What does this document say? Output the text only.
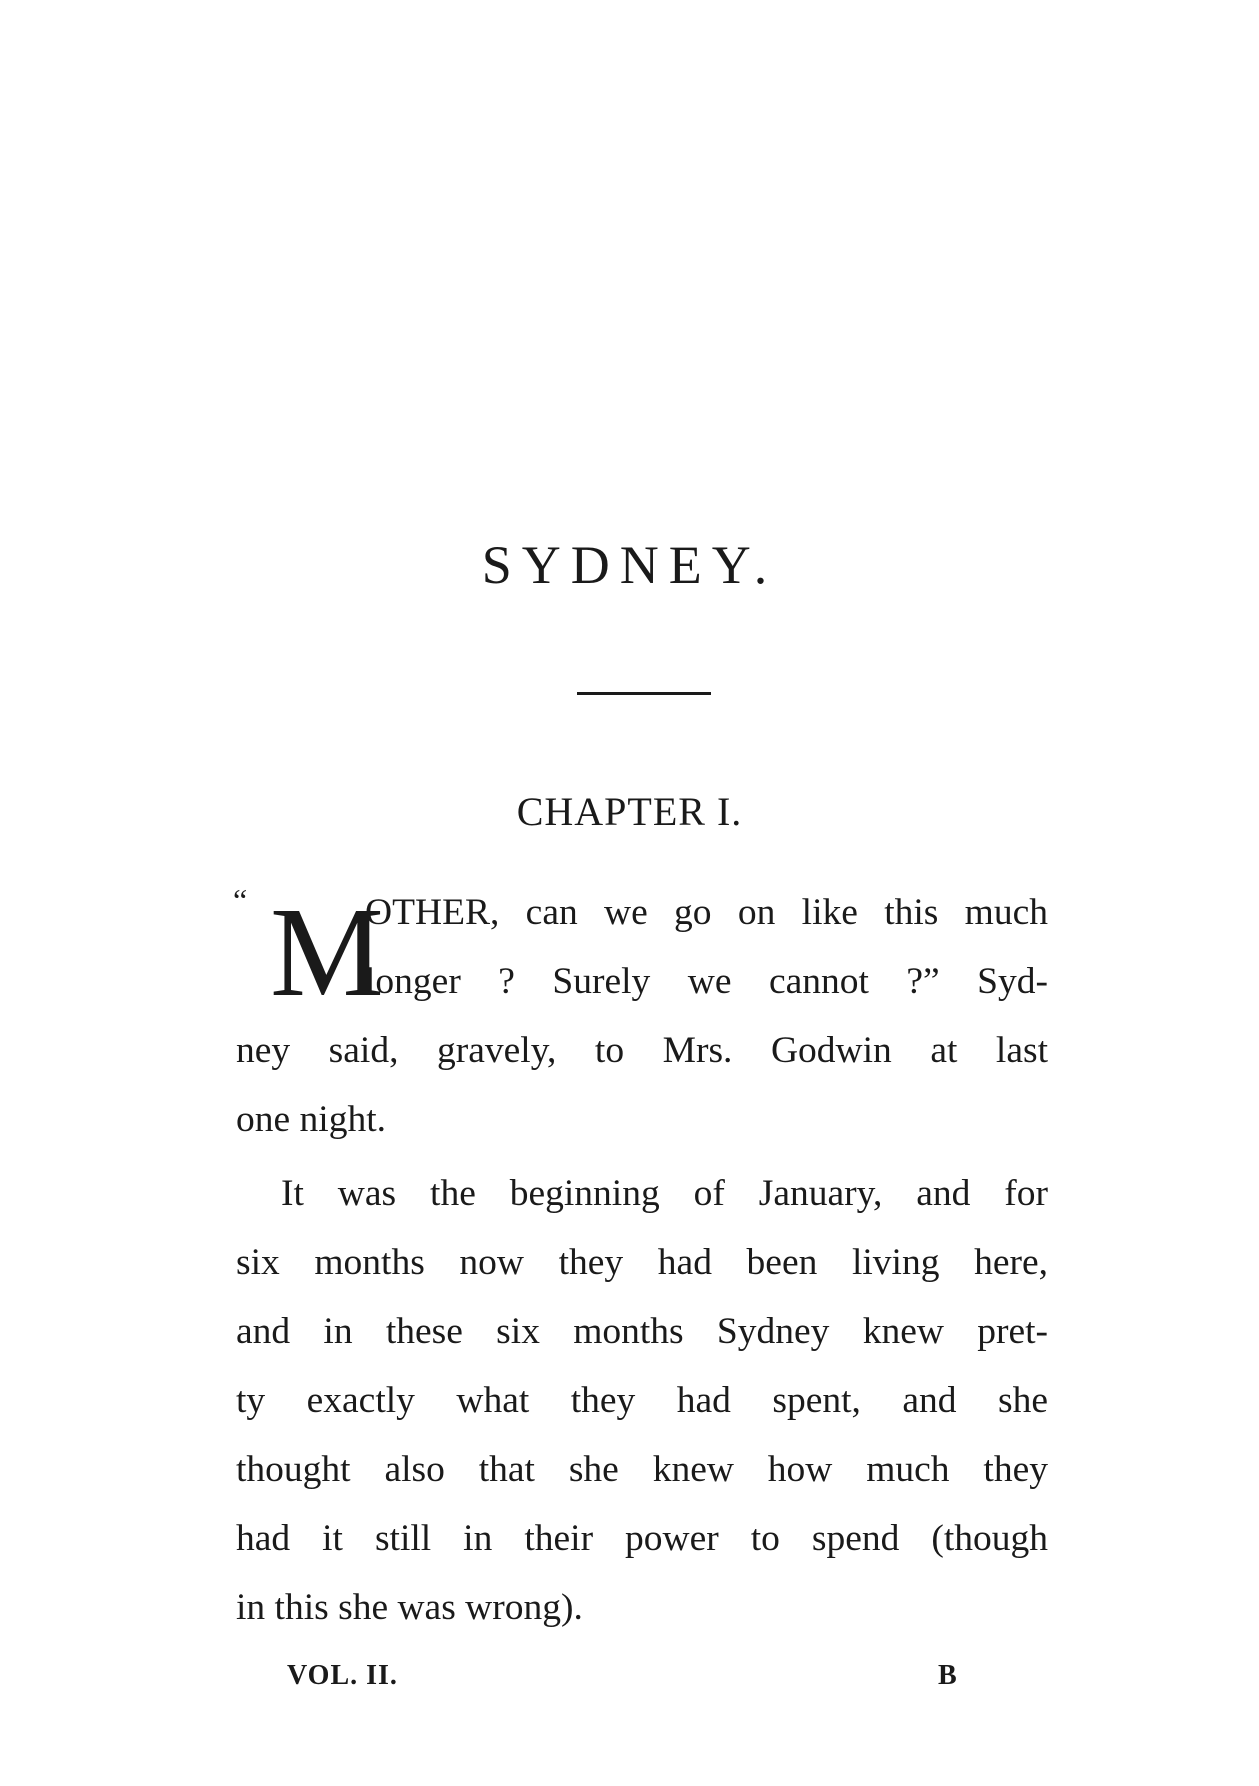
SYDNEY.
CHAPTER I.
“ M
OTHER, can we go on like this much
longer ? Surely we cannot ?” Syd-
ney said, gravely, to Mrs. Godwin at last
one night.
It was the beginning of January, and for
six months now they had been living here,
and in these six months Sydney knew pret-
ty exactly what they had spent, and she
thought also that she knew how much they
had it still in their power to spend (though
in this she was wrong).
VOL. II.	B
